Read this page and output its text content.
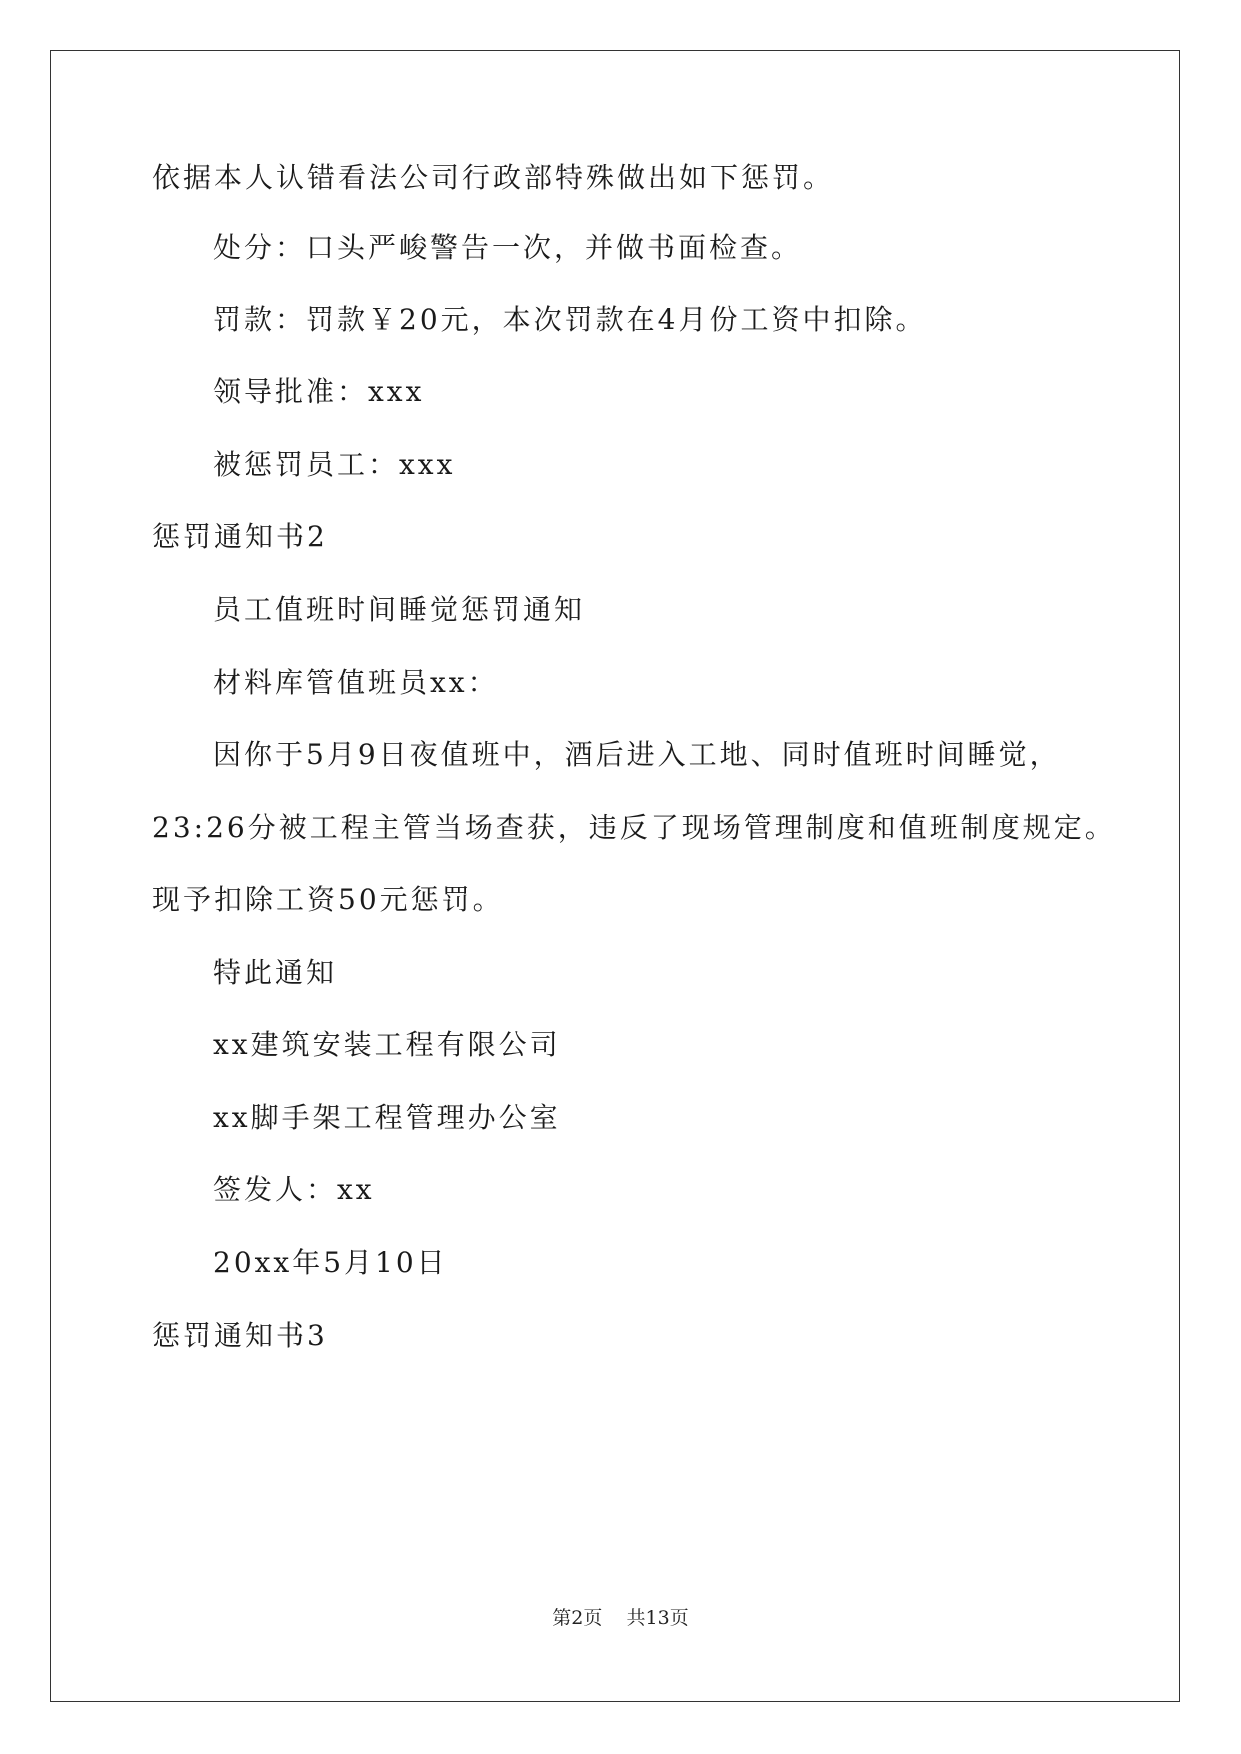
依据本人认错看法公司行政部特殊做出如下惩罚。
处分：口头严峻警告一次，并做书面检查。
罚款：罚款￥20元，本次罚款在4月份工资中扣除。
领导批准：xxx
被惩罚员工：xxx
惩罚通知书2
员工值班时间睡觉惩罚通知
材料库管值班员xx：
因你于5月9日夜值班中，酒后进入工地、同时值班时间睡觉，
23:26分被工程主管当场查获，违反了现场管理制度和值班制度规定。
现予扣除工资50元惩罚。
特此通知
xx建筑安装工程有限公司
xx脚手架工程管理办公室
签发人：xx
20xx年5月10日
惩罚通知书3
第2页 共13页
